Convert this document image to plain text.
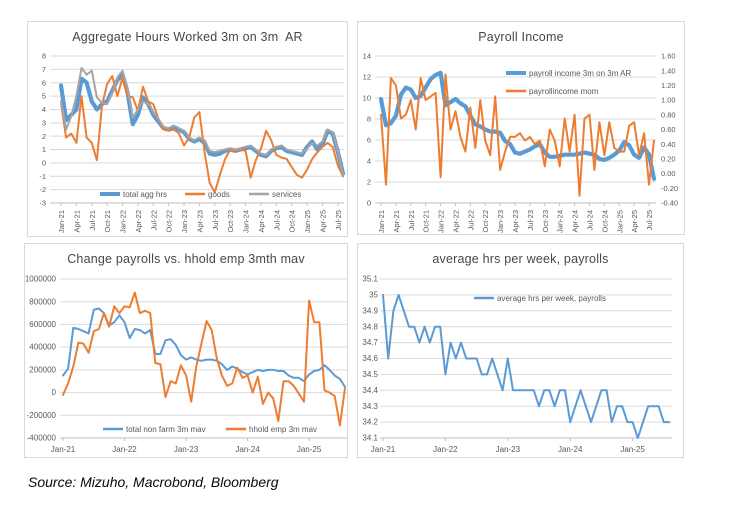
-3
-2
-1
0
1
2
3
4
5
6
7
8
Jan-21 Apr-21 Jul-21 Oct-21 Jan-22 Apr-22 Jul-22 Oct-22 Jan-23 Apr-23 Jul-23 Oct-23 Jan-24 Apr-24 Jul-24 Oct-24 Jan-25 Apr-25 Jul-25
total agg hrs	goods	services
Aggregate Hours Worked 3m on 3m  AR
0
2
4
6
8
10
12
14
-0.40
-0.20
0.00
0.20
0.40
0.60
0.80
1.00
1.20
1.40
1.60
Jan-21 Apr-21 Jul-21 Oct-21 Jan-22 Apr-22 Jul-22 Oct-22 Jan-23 Apr-23 Jul-23 Oct-23 Jan-24 Apr-24 Jul-24 Oct-24 Jan-25 Apr-25 Jul-25
payroll income 3m on 3m AR
payrollincome mom
Payroll Income
-400000
-200000
0
200000
400000
600000
800000
1000000
Jan-21	Jan-22	Jan-23	Jan-24	Jan-25
total non farm 3m mav	hhold emp 3m mav
Change payrolls vs. hhold emp 3mth mav
34.1
34.2
34.3
34.4
34.5
34.6
34.7
34.8
34.9
35
35.1
Jan-21	Jan-22	Jan-23	Jan-24	Jan-25
average hrs per week, payrolls
average hrs per week, payrolls
Source: Mizuho, Macrobond, Bloomberg
